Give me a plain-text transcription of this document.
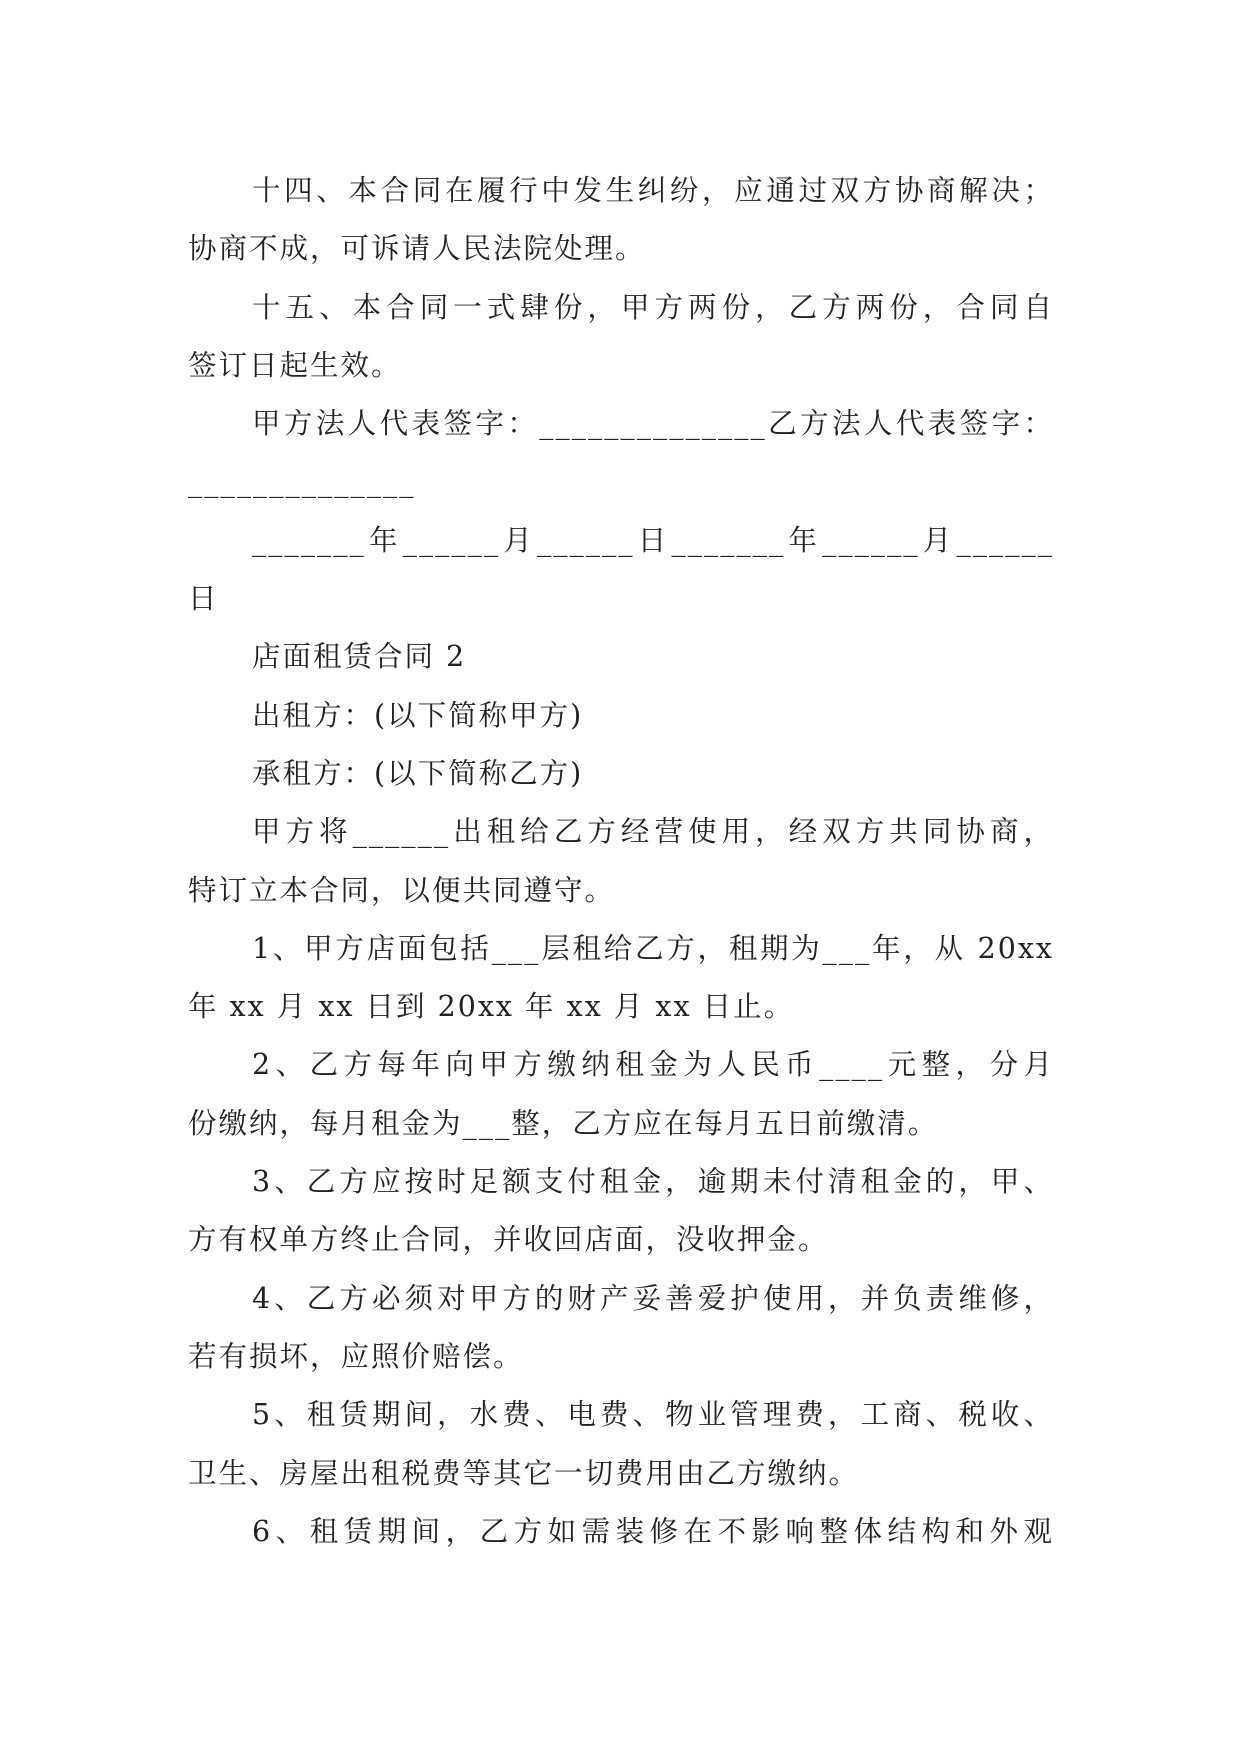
十四、本合同在履行中发生纠纷，应通过双方协商解决；
协商不成，可诉请人民法院处理。
十五、本合同一式肆份，甲方两份，乙方两份，合同自
签订日起生效。
甲方法人代表签字：______________乙方法人代表签字：
______________
_______年______月______日_______年______月______
日
店面租赁合同 2
出租方：(以下简称甲方)
承租方：(以下简称乙方)
甲方将______出租给乙方经营使用，经双方共同协商，
特订立本合同，以便共同遵守。
1、甲方店面包括___层租给乙方，租期为___年，从 20xx
年 xx 月 xx 日到 20xx 年 xx 月 xx 日止。
2、乙方每年向甲方缴纳租金为人民币____元整，分月
份缴纳，每月租金为___整，乙方应在每月五日前缴清。
3、乙方应按时足额支付租金，逾期未付清租金的，甲、
方有权单方终止合同，并收回店面，没收押金。
4、乙方必须对甲方的财产妥善爱护使用，并负责维修，
若有损坏，应照价赔偿。
5、租赁期间，水费、电费、物业管理费，工商、税收、
卫生、房屋出租税费等其它一切费用由乙方缴纳。
6、租赁期间，乙方如需装修在不影响整体结构和外观
